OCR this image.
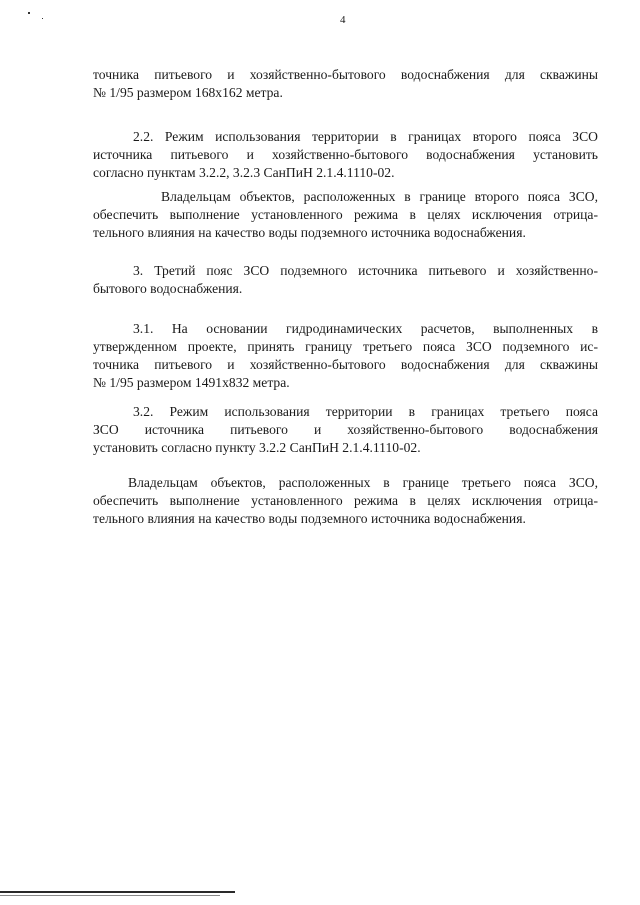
4
точника питьевого и хозяйственно-бытового водоснабжения для скважины
№ 1/95 размером 168х162 метра.
2.2. Режим использования территории в границах второго пояса ЗСО
источника питьевого и хозяйственно-бытового водоснабжения установить
согласно пунктам 3.2.2, 3.2.3 СанПиН 2.1.4.1110-02.
Владельцам объектов, расположенных в границе второго пояса ЗСО,
обеспечить выполнение установленного режима в целях исключения отрица-
тельного влияния на качество воды подземного источника водоснабжения.
3. Третий пояс ЗСО подземного источника питьевого и хозяйственно-
бытового водоснабжения.
3.1. На основании гидродинамических расчетов, выполненных в
утвержденном проекте, принять границу третьего пояса ЗСО подземного ис-
точника питьевого и хозяйственно-бытового водоснабжения для скважины
№ 1/95 размером 1491х832 метра.
3.2. Режим использования территории в границах третьего пояса
ЗСО источника питьевого и хозяйственно-бытового водоснабжения
установить согласно пункту 3.2.2 СанПиН 2.1.4.1110-02.
Владельцам объектов, расположенных в границе третьего пояса ЗСО,
обеспечить выполнение установленного режима в целях исключения отрица-
тельного влияния на качество воды подземного источника водоснабжения.
